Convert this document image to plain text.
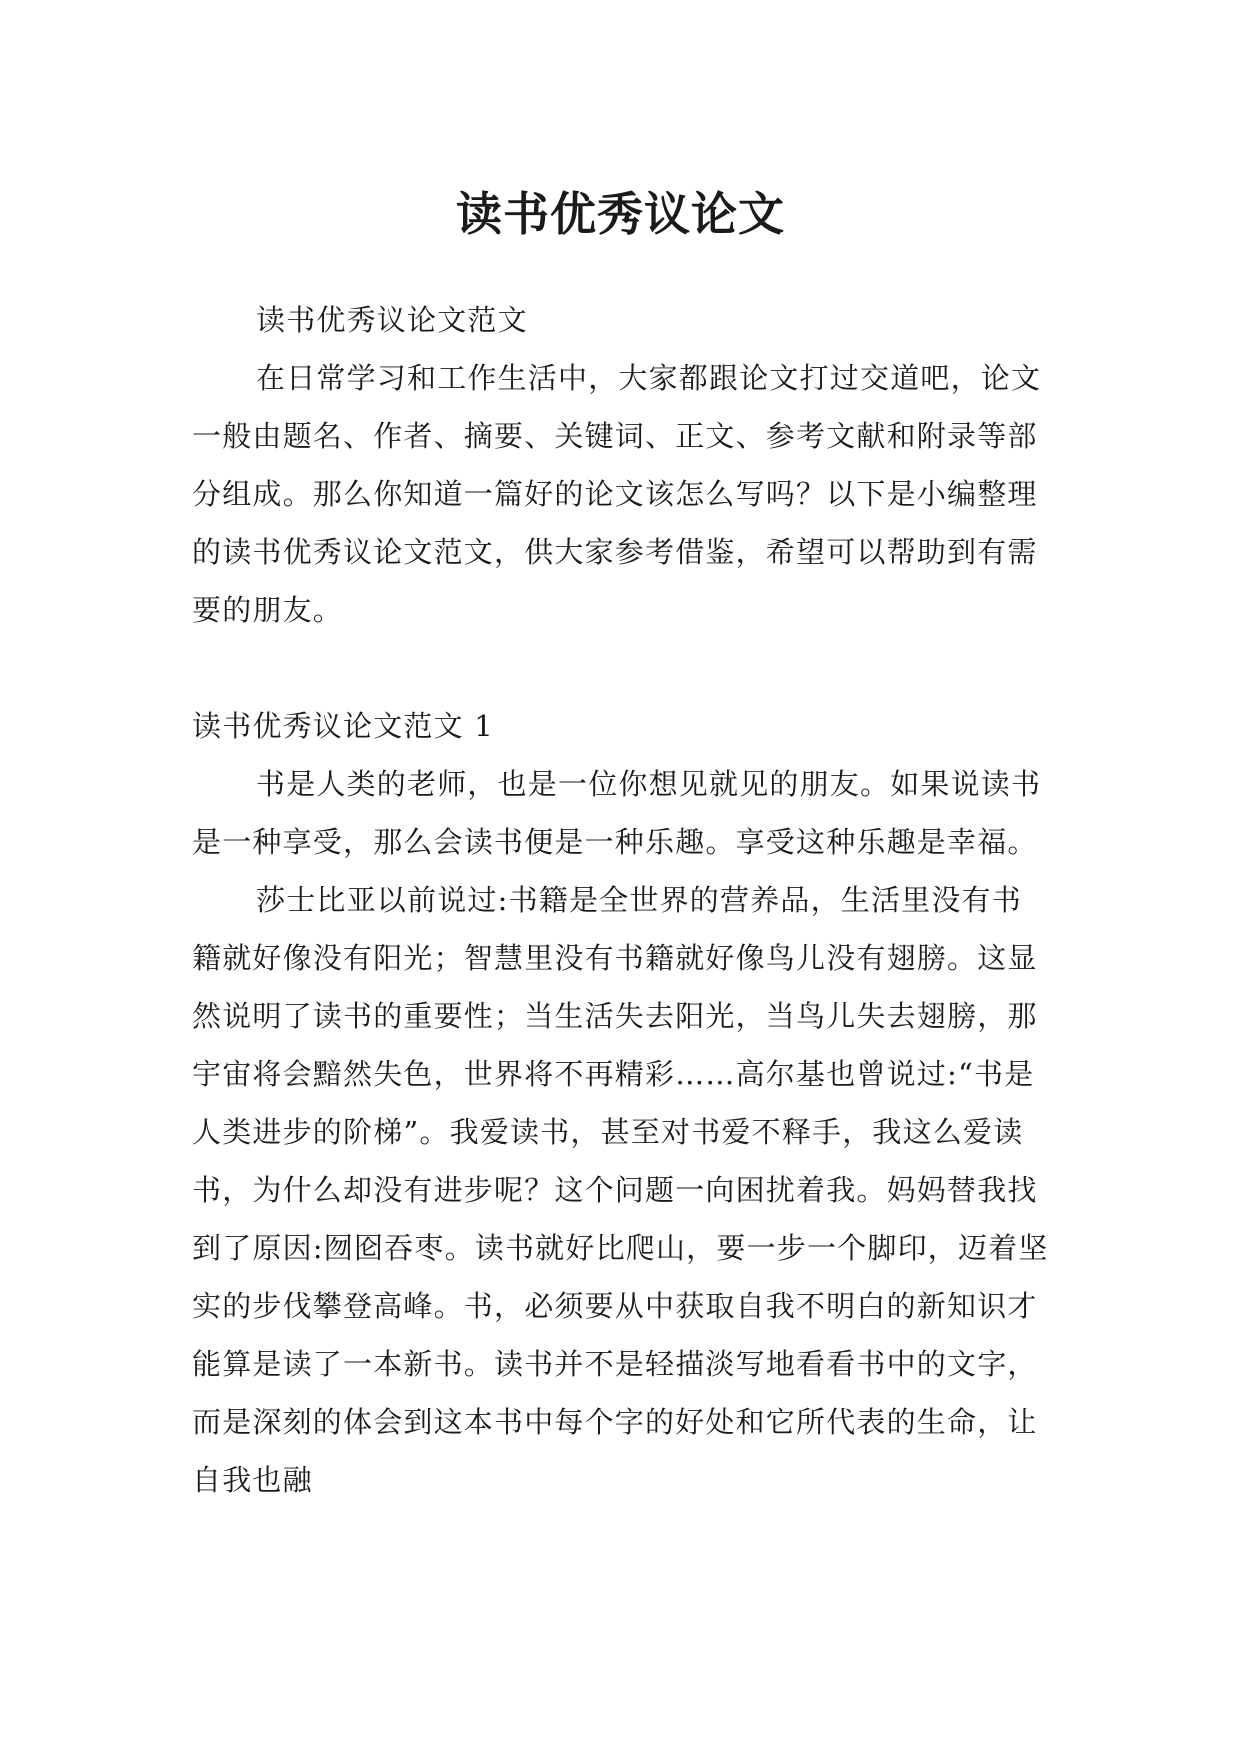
读书优秀议论文

读书优秀议论文范文

在日常学习和工作生活中，大家都跟论文打过交道吧，论文一般由题名、作者、摘要、关键词、正文、参考文献和附录等部分组成。那么你知道一篇好的论文该怎么写吗？以下是小编整理的读书优秀议论文范文，供大家参考借鉴，希望可以帮助到有需要的朋友。

读书优秀议论文范文 1

书是人类的老师，也是一位你想见就见的朋友。如果说读书是一种享受，那么会读书便是一种乐趣。享受这种乐趣是幸福。

莎士比亚以前说过:书籍是全世界的营养品，生活里没有书籍就好像没有阳光；智慧里没有书籍就好像鸟儿没有翅膀。这显然说明了读书的重要性；当生活失去阳光，当鸟儿失去翅膀，那宇宙将会黯然失色，世界将不再精彩……高尔基也曾说过:“书是人类进步的阶梯”。我爱读书，甚至对书爱不释手，我这么爱读书，为什么却没有进步呢？这个问题一向困扰着我。妈妈替我找到了原因:囫囵吞枣。读书就好比爬山，要一步一个脚印，迈着坚实的步伐攀登高峰。书，必须要从中获取自我不明白的新知识才能算是读了一本新书。读书并不是轻描淡写地看看书中的文字，而是深刻的体会到这本书中每个字的好处和它所代表的生命，让自我也融
